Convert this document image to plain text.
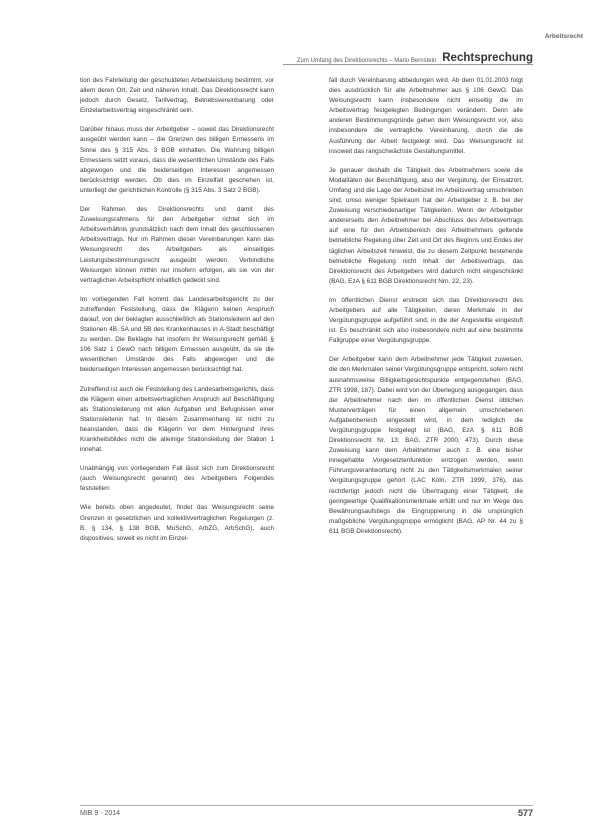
Arbeitsrecht
Zum Umfang des Direktionsrechts – Mario Bernstein Rechtsprechung

tion des Fahrleitung der geschuldeten Arbeitsleistung bestimmt, vor allem deren Ort, Zeit und näheren Inhalt. Das Direktionsrecht kann jedoch durch Gesetz, Tarifvertrag, Betriebsvereinbarung oder Einzelarbeitsvertrag eingeschränkt sein.

Darüber hinaus muss der Arbeitgeber – soweit das Direktionsrecht ausgeübt werden kann – die Grenzen des billigen Ermessens im Sinne des § 315 Abs. 3 BGB einhalten. Die Wahrung billigen Ermessens setzt voraus, dass die wesentlichen Umstände des Falls abgewogen und die beiderseitigen Interessen angemessen berücksichtigt werden. Ob dies im Einzelfall geschehen ist, unterliegt der gerichtlichen Kontrolle (§ 315 Abs. 3 Satz 2 BGB).

Der Rahmen des Direktionsrechts und damit des Zuweisungsrahmens für den Arbeitgeber richtet sich im Arbeitsverhältnis grundsätzlich nach dem Inhalt des geschlossenen Arbeitsvertrags. Nur im Rahmen dieser Vereinbarungen kann das Weisungsrecht des Arbeitgebers als einseitiges Leistungsbestimmungsrecht ausgeübt werden. Verbindliche Weisungen können mithin nur insofern erfolgen, als sie von der vertraglichen Arbeitspflicht inhaltlich gedeckt sind.

Im vorliegenden Fall kommt das Landesarbeitsgericht zu der zutreffenden Feststellung, dass die Klägerin keinen Anspruch darauf, von der beklagten ausschließlich als Stationsleiterin auf den Stationen 4B, 5A und 5B des Krankenhauses in A-Stadt beschäftigt zu werden. Die Beklagte hat insofern ihr Weisungsrecht gemäß § 106 Satz 1 GewO nach billigem Ermessen ausgeübt, da sie die wesentlichen Umstände des Falls abgewogen und die beiderseitigen Interessen angemessen berücksichtigt hat.

Zutreffend ist auch die Feststellung des Landesarbeitsgerichts, dass die Klägerin einen arbeitsvertraglichen Anspruch auf Beschäftigung als Stationsleiterung mit allen Aufgaben und Befugnissen einer Stationsleitenin hat. In diesem Zusammenhang ist nicht zu beanstanden, dass die Klägerin vor dem Hintergrund ihres Krankheitsbildes nicht die alleinige Stationsleitung der Station 1 innehat.

Unabhängig von vorliegendem Fall lässt sich zum Direktionsrecht (auch Weisungsrecht genannt) des Arbeitgebers Folgendes feststellen:

Wie bereits oben angedeutet, findet das Weisungsrecht seine Grenzen in gesetzlichen und kollektivvertraglichen Regelungen (z. B. § 134, § 138 BGB, MuSchG, ArbZG, ArbSchG), auch dispositives, soweit es nicht im Einzel-

fall durch Vereinbarung abbedungen wird. Ab dem 01.01.2003 folgt dies ausdrücklich für alle Arbeitnehmer aus § 106 GewO. Das Weisungsrecht kann insbesondere nicht einseitig die im Arbeitsvertrag festgelegten Bedingungen verändern. Denn alle anderen Bestimmungsgründe gehen dem Weisungsrecht vor, also insbesondere die vertragliche Vereinbarung, durch die die Ausführung der Arbeit festgelegt wird. Das Weisungsrecht ist insoweit das rangschwächste Gestaltungsmittel.

Je genauer deshalb die Tätigkeit des Arbeitnehmers sowie die Modalitäten der Beschäftigung, also der Vergütung, der Einsatzort, Umfang und die Lage der Arbeitszeit im Arbeitsvertrag umschrieben sind, umso weniger Spielraum hat der Arbeitgeber z. B. bei der Zuweisung verschiedenartiger Tätigkeiten. Wenn der Arbeitgeber andererseits den Arbeitnehmer bei Abschluss des Arbeitsvertrags auf eine für den Arbeitsbereich des Arbeitnehmers geltende betriebliche Regelung über Zeit und Ort des Beginns und Endes der täglichen Arbeitszeit hinweist, die zu diesem Zeitpunkt bestehende betriebliche Regelung nicht Inhalt der Arbeitsvertrags, das Direktionsrecht des Arbeitgebers wird dadurch nicht eingeschränkt (BAG, EzA § 611 BGB Direktionsrecht Nrn. 22, 23).

Im öffentlichen Dienst erstreckt sich das Direktionsrecht des Arbeitgebers auf alle Tätigkeiten, deren Merkmale in der Vergütungsgruppe aufgeführt sind, in die der Angestellte eingestuft ist. Es beschränkt sich also insbesondere nicht auf eine bestimmte Fallgruppe einer Vergütungsgruppe.

Der Arbeitgeber kann dem Arbeitnehmer jede Tätigkeit zuweisen, die den Merkmalen seiner Vergütungsgruppe entspricht, sofern nicht ausnahmsweise Billigkeitsgesichtspunkte entgegenstehen (BAG, ZTR 1998, 187). Dabei wird von der Überlegung ausgegangen, dass der Arbeitnehmer nach den im öffentlichen Dienst üblichen Musterverträgen für einen allgemein umschriebenen Aufgabenbereich eingestellt wird, in dem lediglich die Vergütungsgruppe festgelegt ist (BAG, EzA § 611 BGB Direktionsrecht Nr. 13; BAG, ZTR 2000, 473). Durch diese Zuweisung kann dem Arbeitnehmer auch z. B. eine bisher innegehabte Vorgesetztenfunktion entzogen werden, wenn Führungsverantwortung nicht zu den Tätigkeitsmerkmalen seiner Vergütungsgruppe gehört (LAC Köln, ZTR 1999, 376), das rechtfertigt jedoch nicht die Übertragung einer Tätigkeit, die geringwertige Qualifikationsmerkmale erfüllt und nur im Wege des Bewährungsaufstiegs die Eingruppierung in die ursprünglich maßgebliche Vergütungsgruppe ermöglicht (BAG, AP Nr. 44 zu § 611 BGB Direktionsrecht).

MIB 9 · 2014	577
